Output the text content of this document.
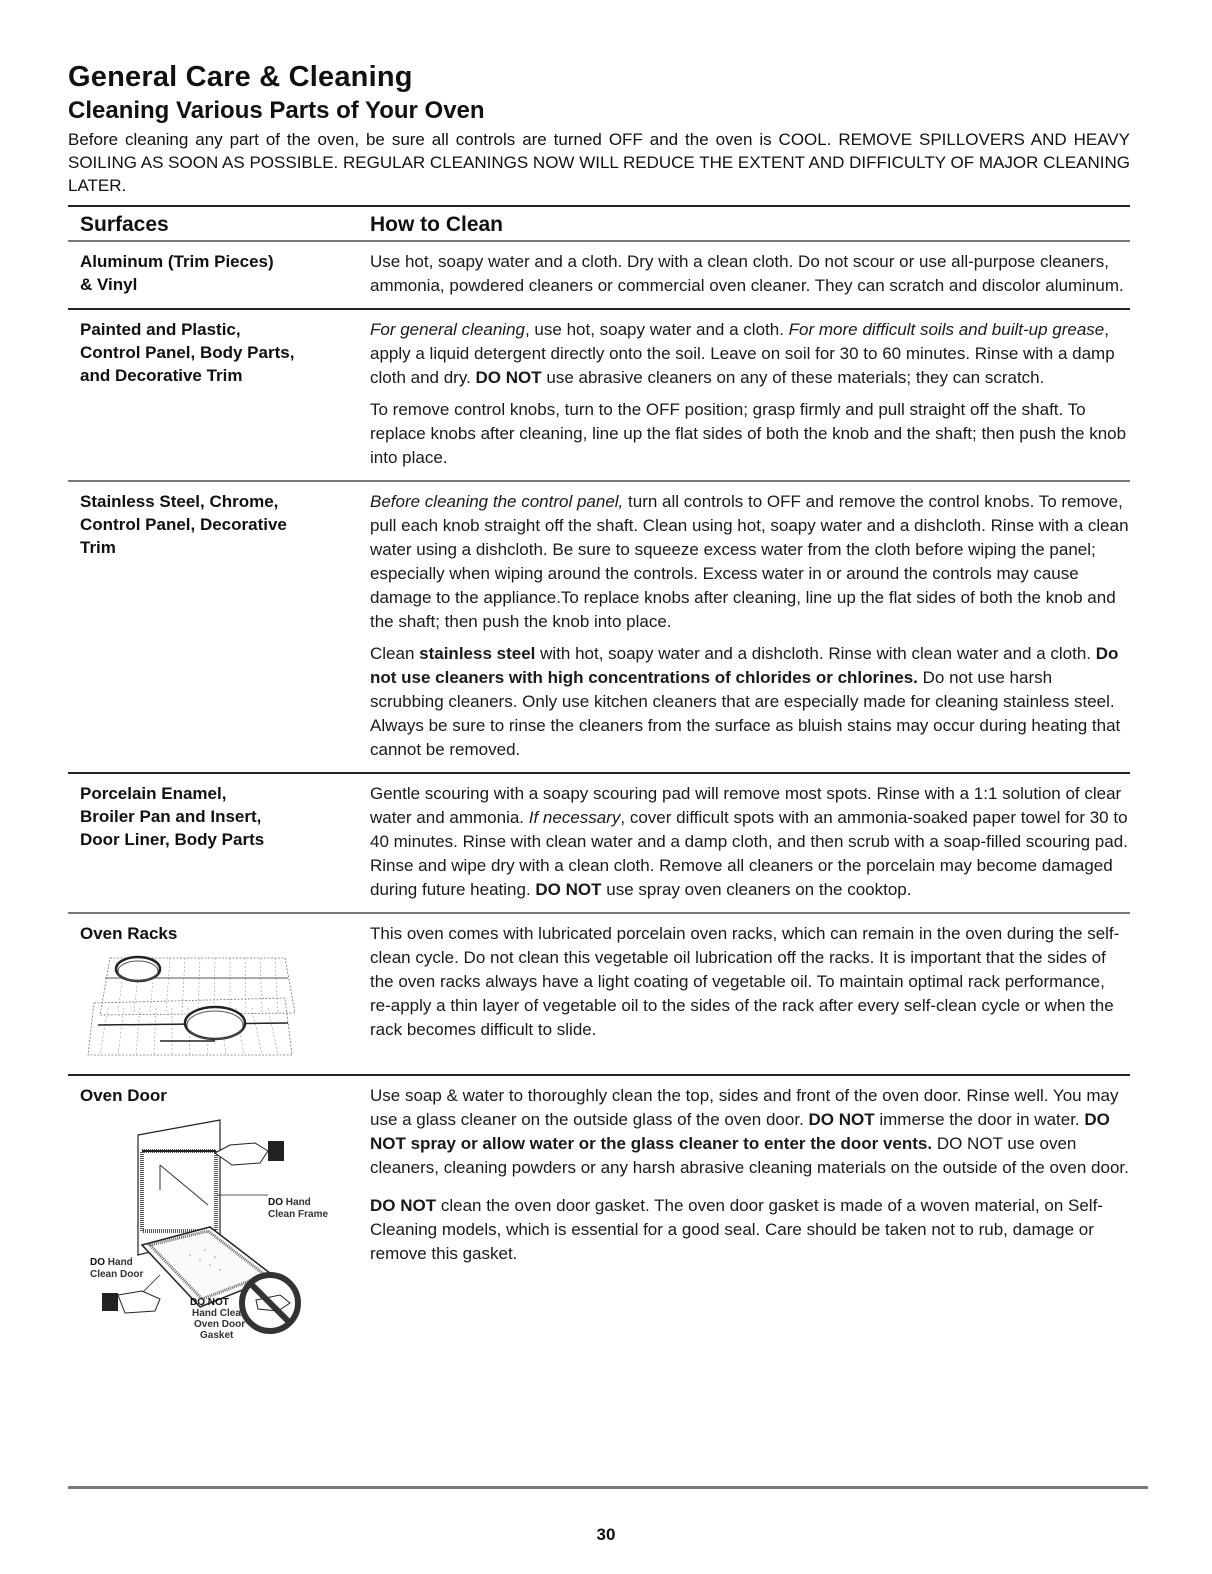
General Care & Cleaning
Cleaning Various Parts of Your Oven

Before cleaning any part of the oven, be sure all controls are turned OFF and the oven is COOL. REMOVE SPILLOVERS AND HEAVY SOILING AS SOON AS POSSIBLE. REGULAR CLEANINGS NOW WILL REDUCE THE EXTENT AND DIFFICULTY OF MAJOR CLEANING LATER.

Surfaces	How to Clean
Aluminum (Trim Pieces)
& Vinyl

Use hot, soapy water and a cloth. Dry with a clean cloth. Do not scour or use all-purpose cleaners, ammonia, powdered cleaners or commercial oven cleaner. They can scratch and discolor aluminum.

Painted and Plastic,
Control Panel, Body Parts,
and Decorative Trim

For general cleaning, use hot, soapy water and a cloth. For more difficult soils and built-up grease, apply a liquid detergent directly onto the soil. Leave on soil for 30 to 60 minutes. Rinse with a damp cloth and dry. DO NOT use abrasive cleaners on any of these materials; they can scratch.

To remove control knobs, turn to the OFF position; grasp firmly and pull straight off the shaft. To replace knobs after cleaning, line up the flat sides of both the knob and the shaft; then push the knob into place.

Stainless Steel, Chrome,
Control Panel, Decorative
Trim

Before cleaning the control panel, turn all controls to OFF and remove the control knobs. To remove, pull each knob straight off the shaft. Clean using hot, soapy water and a dishcloth. Rinse with a clean water using a dishcloth. Be sure to squeeze excess water from the cloth before wiping the panel; especially when wiping around the controls. Excess water in or around the controls may cause damage to the appliance.To replace knobs after cleaning, line up the flat sides of both the knob and the shaft; then push the knob into place.

Clean stainless steel with hot, soapy water and a dishcloth. Rinse with clean water and a cloth. Do not use cleaners with high concentrations of chlorides or chlorines. Do not use harsh scrubbing cleaners. Only use kitchen cleaners that are especially made for cleaning stainless steel. Always be sure to rinse the cleaners from the surface as bluish stains may occur during heating that cannot be removed.

Porcelain Enamel,
Broiler Pan and Insert,
Door Liner, Body Parts

Gentle scouring with a soapy scouring pad will remove most spots. Rinse with a 1:1 solution of clear water and ammonia. If necessary, cover difficult spots with an ammonia-soaked paper towel for 30 to 40 minutes. Rinse with clean water and a damp cloth, and then scrub with a soap-filled scouring pad. Rinse and wipe dry with a clean cloth. Remove all cleaners or the porcelain may become damaged during future heating. DO NOT use spray oven cleaners on the cooktop.

Oven Racks	This oven comes with lubricated porcelain oven racks, which can remain in the oven during the self-clean cycle. Do not clean this vegetable oil lubrication off the racks. It is important that the sides of the oven racks always have a light coating of vegetable oil. To maintain optimal rack performance, re-apply a thin layer of vegetable oil to the sides of the rack after every self-clean cycle or when the rack becomes difficult to slide.

Oven Door
DO Hand
Clean Frame
DO Hand
Clean Door
DO NOT
Hand Clean
Oven Door
Gasket

Use soap & water to thoroughly clean the top, sides and front of the oven door. Rinse well. You may use a glass cleaner on the outside glass of the oven door. DO NOT immerse the door in water. DO NOT spray or allow water or the glass cleaner to enter the door vents. DO NOT use oven cleaners, cleaning powders or any harsh abrasive cleaning materials on the outside of the oven door.

DO NOT clean the oven door gasket. The oven door gasket is made of a woven material, on Self-Cleaning models, which is essential for a good seal. Care should be taken not to rub, damage or remove this gasket.

30
